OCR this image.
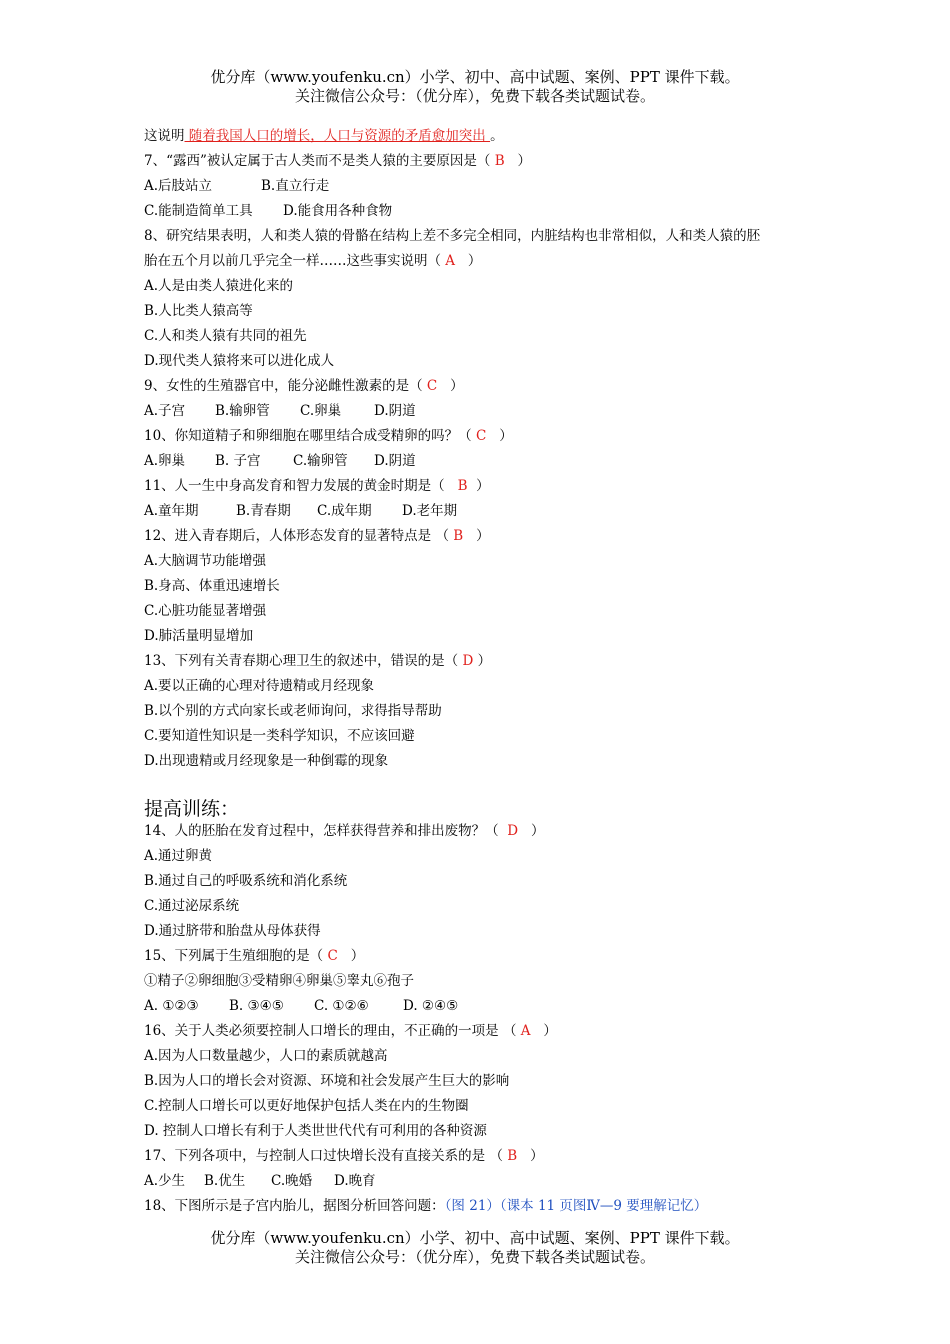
优分库（www.youfenku.cn）小学、初中、高中试题、案例、PPT 课件下载。
关注微信公众号：（优分库），免费下载各类试题试卷。
这说明 随着我国人口的增长，人口与资源的矛盾愈加突出 。
7、“露西”被认定属于古人类而不是类人猿的主要原因是（ B ）
A.后肢站立	B.直立行走
C.能制造简单工具 D.能食用各种食物
8、研究结果表明，人和类人猿的骨骼在结构上差不多完全相同，内脏结构也非常相似，人和类人猿的胚
胎在五个月以前几乎完全一样……这些事实说明（ A ）
A.人是由类人猿进化来的
B.人比类人猿高等
C.人和类人猿有共同的祖先
D.现代类人猿将来可以进化成人
9、女性的生殖器官中，能分泌雌性激素的是（ C ）
A.子宫 B.输卵管 C.卵巢 D.阴道
10、你知道精子和卵细胞在哪里结合成受精卵的吗？（ C ）
A.卵巢 B. 子宫 C.输卵管 D.阴道
11、人一生中身高发育和智力发展的黄金时期是（ B ）
A.童年期	B.青春期 C.成年期 D.老年期
12、进入青春期后，人体形态发育的显著特点是 （ B ）
A.大脑调节功能增强
B.身高、体重迅速增长
C.心脏功能显著增强
D.肺活量明显增加
13、下列有关青春期心理卫生的叙述中，错误的是（ D ）
A.要以正确的心理对待遗精或月经现象
B.以个别的方式向家长或老师询问，求得指导帮助
C.要知道性知识是一类科学知识，不应该回避
D.出现遗精或月经现象是一种倒霉的现象
提高训练：
14、人的胚胎在发育过程中，怎样获得营养和排出废物？（ D ）
A.通过卵黄
B.通过自己的呼吸系统和消化系统
C.通过泌尿系统
D.通过脐带和胎盘从母体获得
15、下列属于生殖细胞的是（ C ）
①精子②卵细胞③受精卵④卵巢⑤睾丸⑥孢子
A. ①②③ B. ③④⑤ C. ①②⑥	D. ②④⑤
16、关于人类必须要控制人口增长的理由，不正确的一项是 （ A ）
A.因为人口数量越少，人口的素质就越高
B.因为人口的增长会对资源、环境和社会发展产生巨大的影响
C.控制人口增长可以更好地保护包括人类在内的生物圈
D. 控制人口增长有利于人类世世代代有可利用的各种资源
17、下列各项中，与控制人口过快增长没有直接关系的是 （ B ）
A.少生 B.优生 C.晚婚 D.晚育
18、下图所示是子宫内胎儿，据图分析回答问题：（图 21）（课本 11 页图Ⅳ—9 要理解记忆）
优分库（www.youfenku.cn）小学、初中、高中试题、案例、PPT 课件下载。
关注微信公众号：（优分库），免费下载各类试题试卷。
